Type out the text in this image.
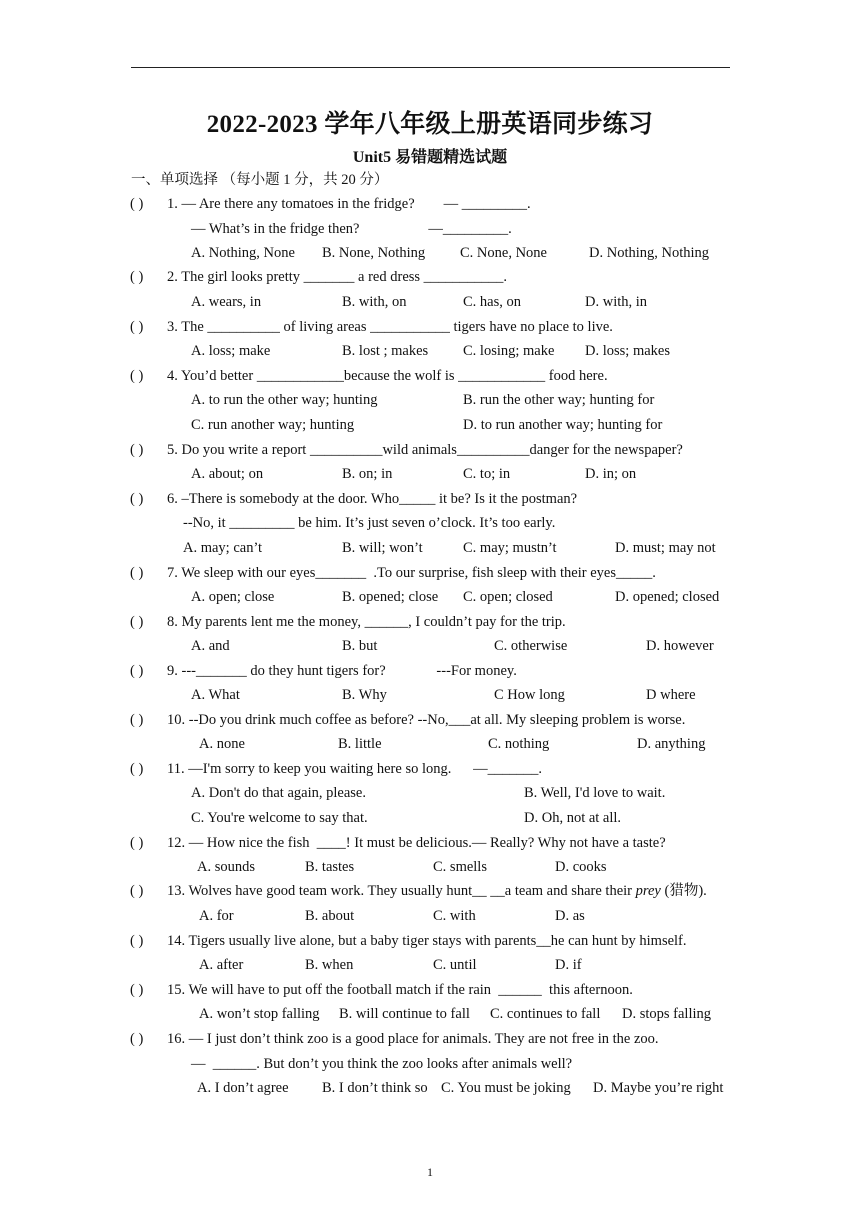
2022-2023 学年八年级上册英语同步练习
Unit5 易错题精选试题
一、单项选择 （每小题 1 分，共 20 分）
( ) 1. — Are there any tomatoes in the fridge?        — _________.
— What’s in the fridge then?                   —_________.
A. Nothing, None B. None, Nothing C. None, None	D. Nothing, Nothing
( ) 2. The girl looks pretty _______ a red dress ___________.
A. wears, in	B. with, on	C. has, on	D. with, in
( ) 3. The __________ of living areas ___________ tigers have no place to live.
A. loss; make	B. lost ; makes C. losing; make D. loss; makes
( ) 4. You’d better ____________because the wolf is ____________ food here.
A. to run the other way; hunting	B. run the other way; hunting for
C. run another way; hunting	D. to run another way; hunting for
( ) 5. Do you write a report __________wild animals__________danger for the newspaper?
A. about; on	B. on; in	C. to; in	D. in; on
( ) 6. –There is somebody at the door. Who_____ it be? Is it the postman?
--No, it _________ be him. It’s just seven o’clock. It’s too early.
A. may; can’t	B. will; won’t	C. may; mustn’t	D. must; may not
( ) 7. We sleep with our eyes_______  .To our surprise, fish sleep with their eyes_____.
A. open; close	B. opened; close C. open; closed	D. opened; closed
( ) 8. My parents lent me the money, ______, I couldn’t pay for the trip.
A. and	B. but	C. otherwise	D. however
( ) 9. ---_______ do they hunt tigers for?              ---For money.
A. What	B. Why	C How long	D where
( ) 10. --Do you drink much coffee as before? --No,___at all. My sleeping problem is worse.
A. none	B. little	C. nothing	D. anything
( ) 11. —I'm sorry to keep you waiting here so long.      —_______.
A. Don't do that again, please.	B. Well, I'd love to wait.
C. You're welcome to say that.	D. Oh, not at all.
( ) 12. — How nice the fish  ____! It must be delicious.— Really? Why not have a taste?
A. sounds	B. tastes	C. smells	D. cooks
( ) 13. Wolves have good team work. They usually hunt__ __a team and share their prey (猎物).
A. for	B. about	C. with	D. as
( ) 14. Tigers usually live alone, but a baby tiger stays with parents__he can hunt by himself.
A. after	B. when	C. until	D. if
( ) 15. We will have to put off the football match if the rain  ______  this afternoon.
A. won’t stop falling B. will continue to fall C. continues to fall D. stops falling
( ) 16. — I just don’t think zoo is a good place for animals. They are not free in the zoo.
—  ______. But don’t you think the zoo looks after animals well?
A. I don’t agree B. I don’t think so C. You must be joking D. Maybe you’re right
1
